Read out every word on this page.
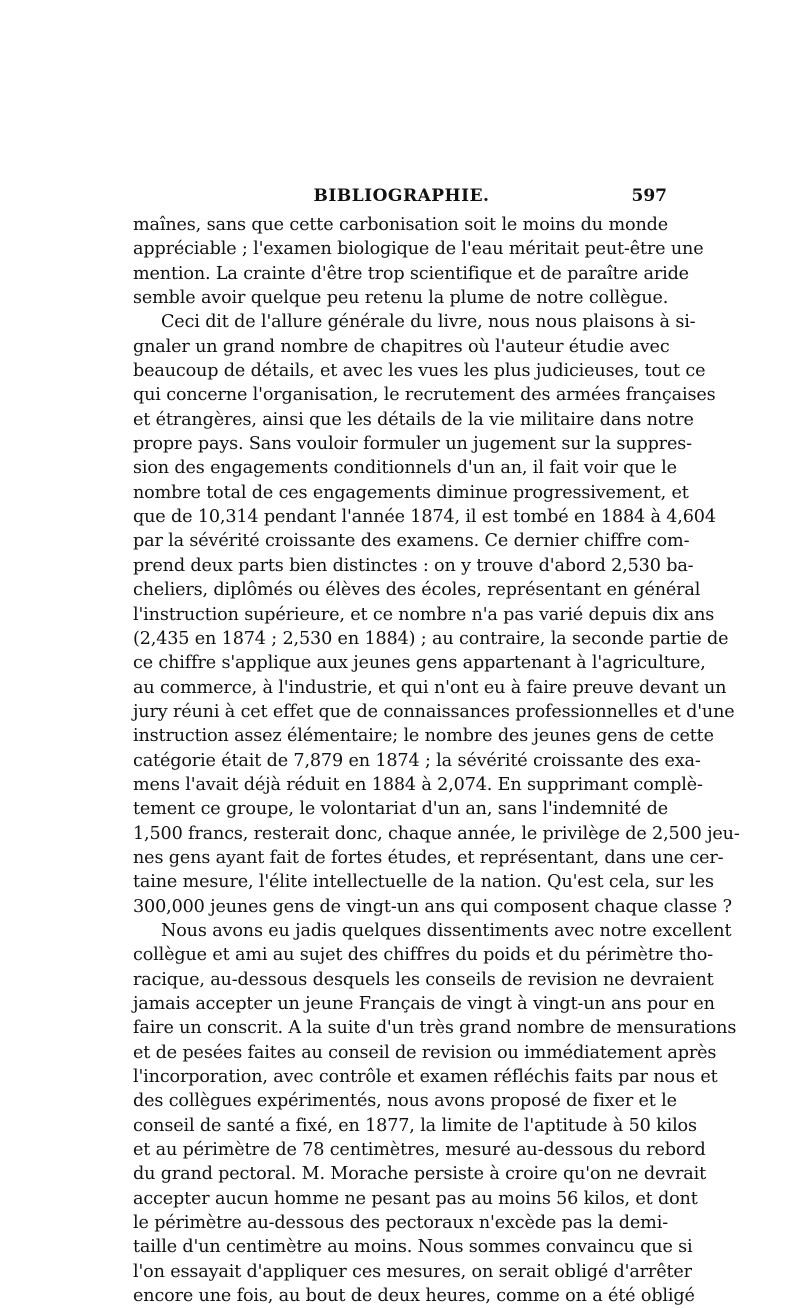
BIBLIOGRAPHIE.	597
maînes, sans que cette carbonisation soit le moins du monde
appréciable ; l'examen biologique de l'eau méritait peut-être une
mention. La crainte d'être trop scientifique et de paraître aride
semble avoir quelque peu retenu la plume de notre collègue.
Ceci dit de l'allure générale du livre, nous nous plaisons à si-
gnaler un grand nombre de chapitres où l'auteur étudie avec
beaucoup de détails, et avec les vues les plus judicieuses, tout ce
qui concerne l'organisation, le recrutement des armées françaises
et étrangères, ainsi que les détails de la vie militaire dans notre
propre pays. Sans vouloir formuler un jugement sur la suppres-
sion des engagements conditionnels d'un an, il fait voir que le
nombre total de ces engagements diminue progressivement, et
que de 10,314 pendant l'année 1874, il est tombé en 1884 à 4,604
par la sévérité croissante des examens. Ce dernier chiffre com-
prend deux parts bien distinctes : on y trouve d'abord 2,530 ba-
cheliers, diplômés ou élèves des écoles, représentant en général
l'instruction supérieure, et ce nombre n'a pas varié depuis dix ans
(2,435 en 1874 ; 2,530 en 1884) ; au contraire, la seconde partie de
ce chiffre s'applique aux jeunes gens appartenant à l'agriculture,
au commerce, à l'industrie, et qui n'ont eu à faire preuve devant un
jury réuni à cet effet que de connaissances professionnelles et d'une
instruction assez élémentaire; le nombre des jeunes gens de cette
catégorie était de 7,879 en 1874 ; la sévérité croissante des exa-
mens l'avait déjà réduit en 1884 à 2,074. En supprimant complè-
tement ce groupe, le volontariat d'un an, sans l'indemnité de
1,500 francs, resterait donc, chaque année, le privilège de 2,500 jeu-
nes gens ayant fait de fortes études, et représentant, dans une cer-
taine mesure, l'élite intellectuelle de la nation. Qu'est cela, sur les
300,000 jeunes gens de vingt-un ans qui composent chaque classe ?
Nous avons eu jadis quelques dissentiments avec notre excellent
collègue et ami au sujet des chiffres du poids et du périmètre tho-
racique, au-dessous desquels les conseils de revision ne devraient
jamais accepter un jeune Français de vingt à vingt-un ans pour en
faire un conscrit. A la suite d'un très grand nombre de mensurations
et de pesées faites au conseil de revision ou immédiatement après
l'incorporation, avec contrôle et examen réfléchis faits par nous et
des collègues expérimentés, nous avons proposé de fixer et le
conseil de santé a fixé, en 1877, la limite de l'aptitude à 50 kilos
et au périmètre de 78 centimètres, mesuré au-dessous du rebord
du grand pectoral. M. Morache persiste à croire qu'on ne devrait
accepter aucun homme ne pesant pas au moins 56 kilos, et dont
le périmètre au-dessous des pectoraux n'excède pas la demi-
taille d'un centimètre au moins. Nous sommes convaincu que si
l'on essayait d'appliquer ces mesures, on serait obligé d'arrêter
encore une fois, au bout de deux heures, comme on a été obligé
